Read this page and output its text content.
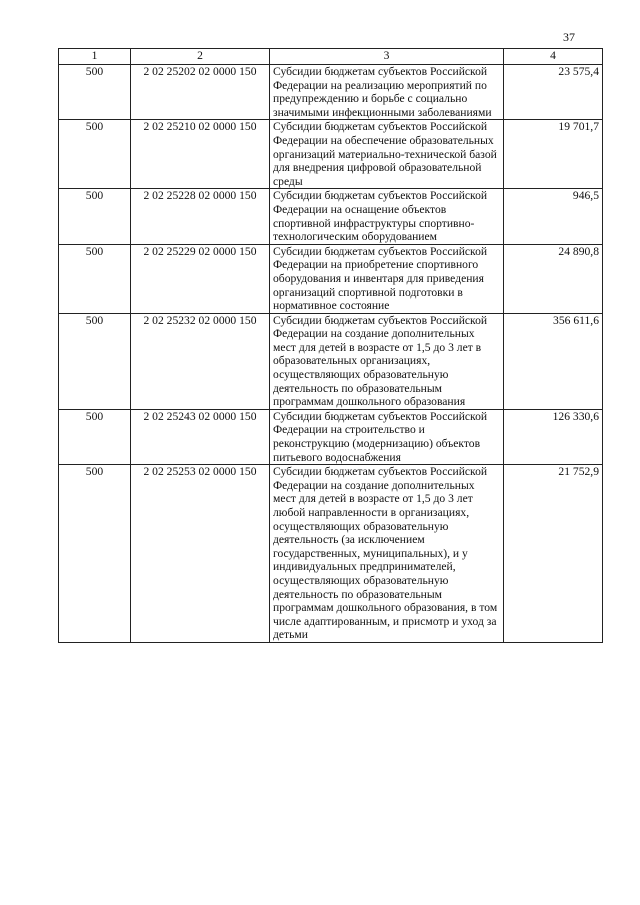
37
1	2	3	4
500	2 02 25202 02 0000 150	Субсидии бюджетам субъектов Российской Федерации на реализацию мероприятий по предупреждению и борьбе с социально значимыми инфекционными заболеваниями	23 575,4
500	2 02 25210 02 0000 150	Субсидии бюджетам субъектов Российской Федерации на обеспечение образовательных организаций материально-технической базой для внедрения цифровой образовательной среды	19 701,7
500	2 02 25228 02 0000 150	Субсидии бюджетам субъектов Российской Федерации на оснащение объектов спортивной инфраструктуры спортивно-технологическим оборудованием	946,5
500	2 02 25229 02 0000 150	Субсидии бюджетам субъектов Российской Федерации на приобретение спортивного оборудования и инвентаря для приведения организаций спортивной подготовки в нормативное состояние	24 890,8
500	2 02 25232 02 0000 150	Субсидии бюджетам субъектов Российской Федерации на создание дополнительных мест для детей в возрасте от 1,5 до 3 лет в образовательных организациях, осуществляющих образовательную деятельность по образовательным программам дошкольного образования	356 611,6
500	2 02 25243 02 0000 150	Субсидии бюджетам субъектов Российской Федерации на строительство и реконструкцию (модернизацию) объектов питьевого водоснабжения	126 330,6
500	2 02 25253 02 0000 150	Субсидии бюджетам субъектов Российской Федерации на создание дополнительных мест для детей в возрасте от 1,5 до 3 лет любой направленности в организациях, осуществляющих образовательную деятельность (за исключением государственных, муниципальных), и у индивидуальных предпринимателей, осуществляющих образовательную деятельность по образовательным программам дошкольного образования, в том числе адаптированным, и присмотр и уход за детьми	21 752,9
